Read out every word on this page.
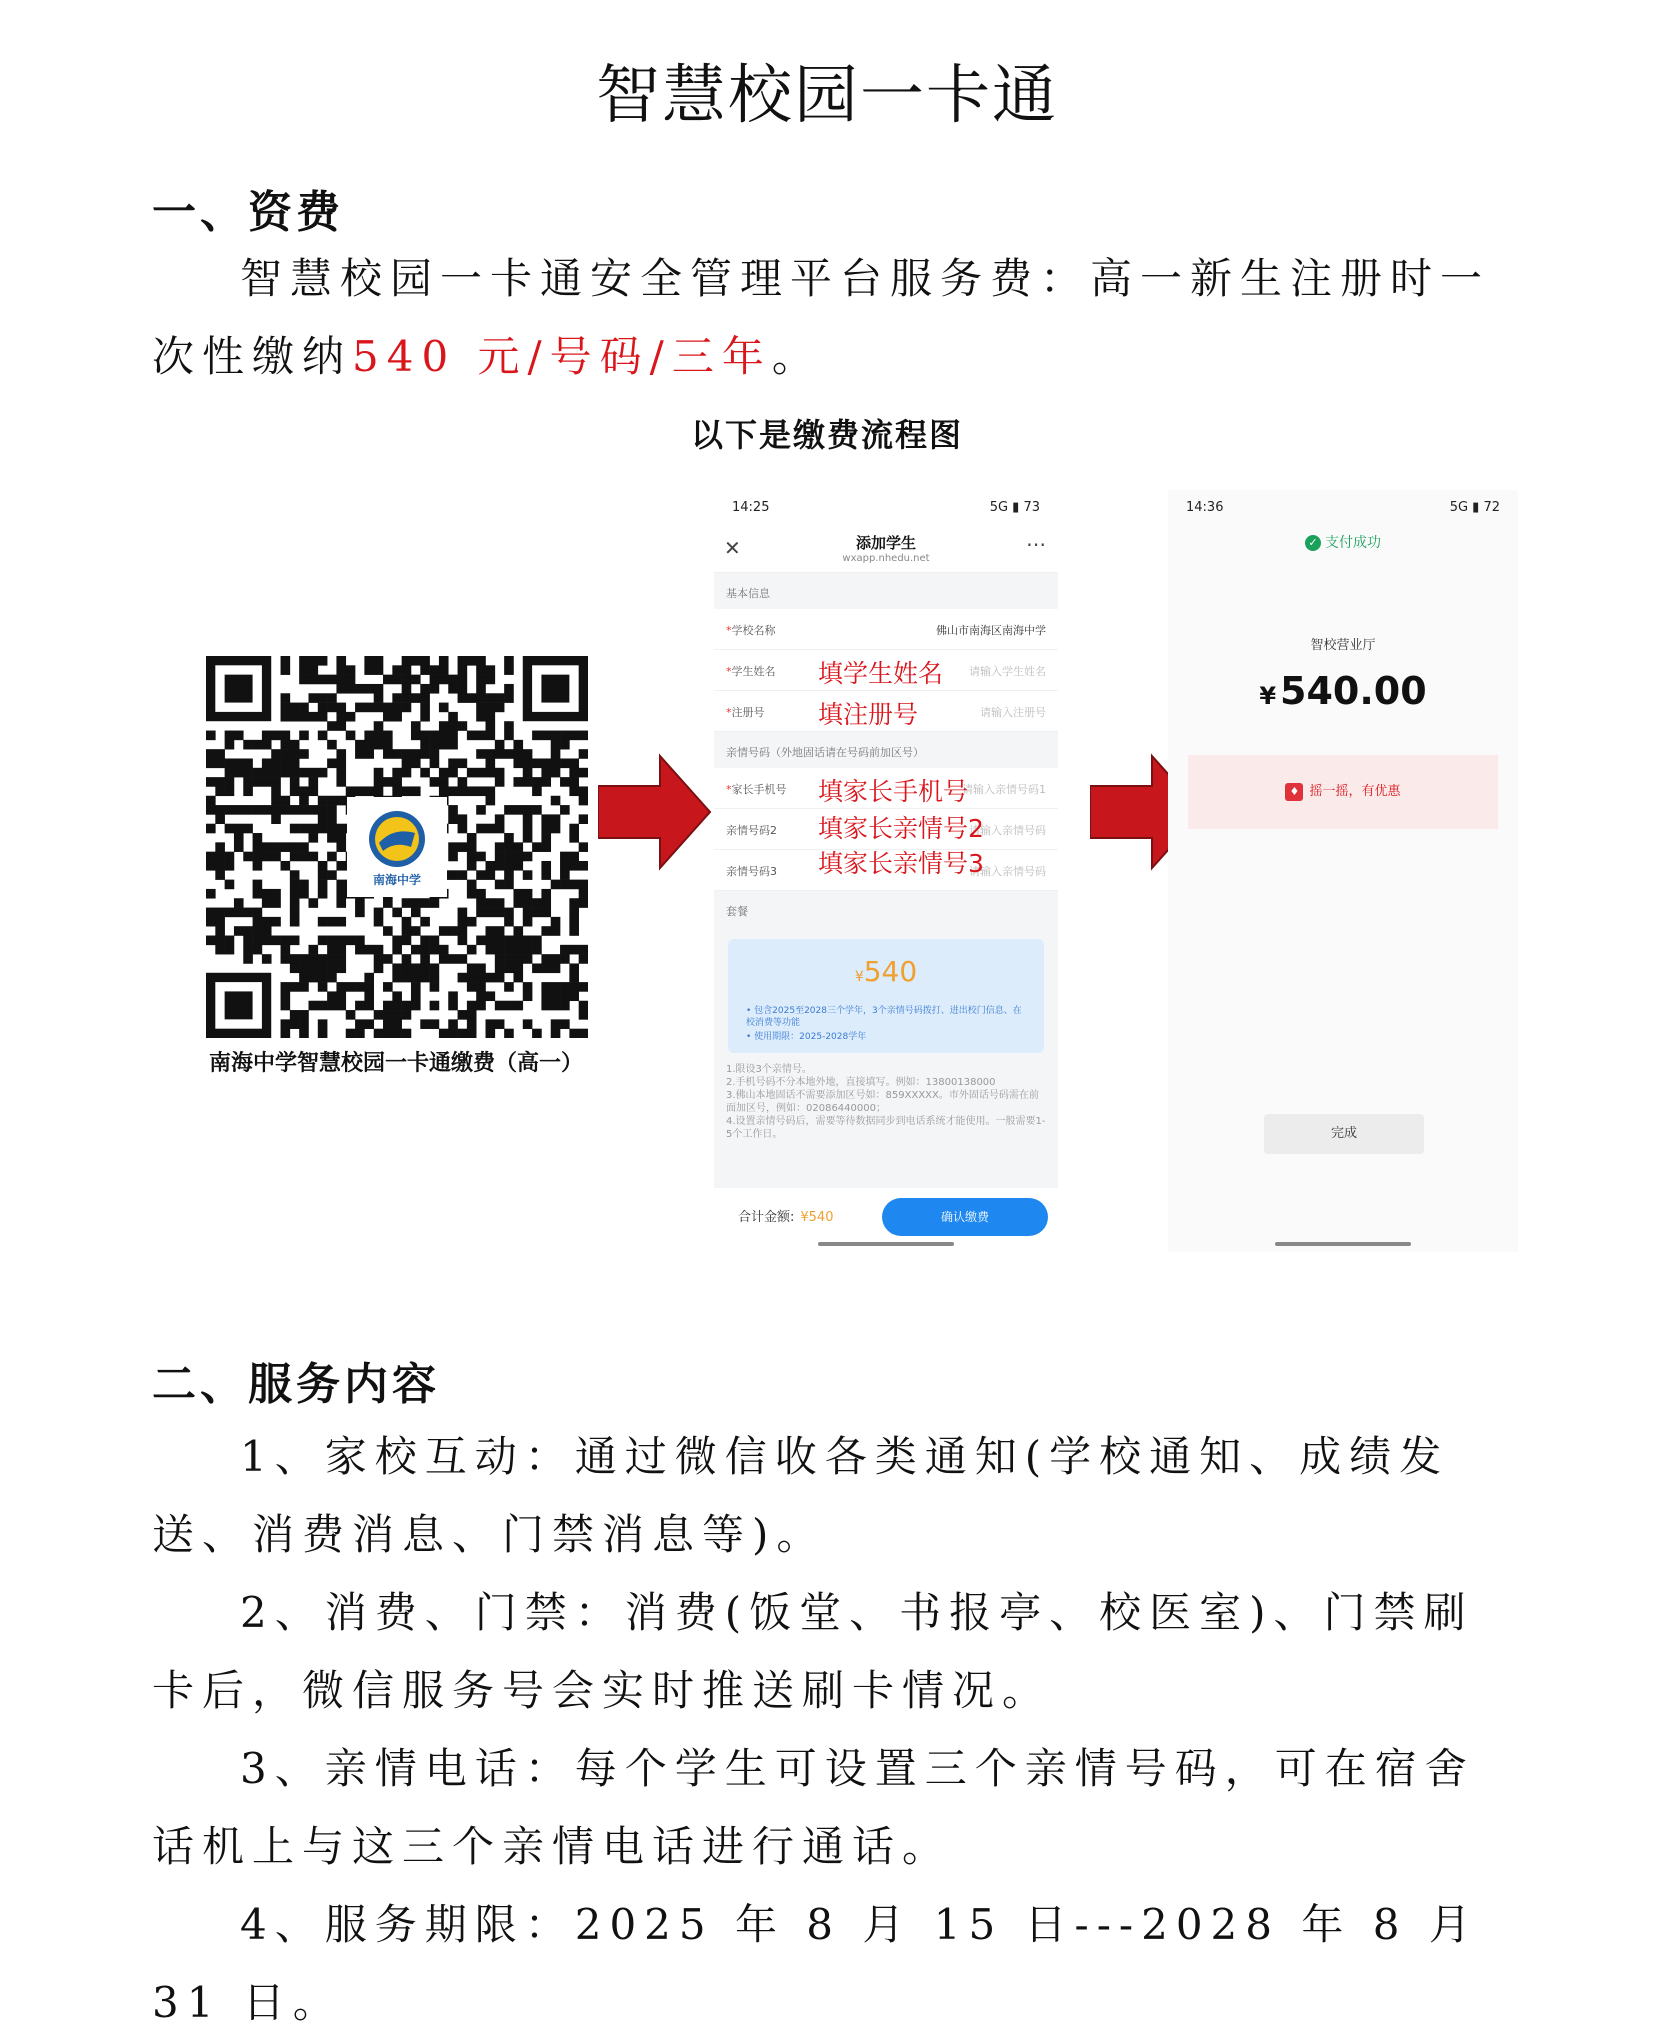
智慧校园一卡通
一、资费
智慧校园一卡通安全管理平台服务费：高一新生注册时一次性缴纳540 元/号码/三年。
以下是缴费流程图
南海中学
南海中学智慧校园一卡通缴费（高一）
14:25	5G ▮ 73
✕	添加学生
wxapp.nhedu.net
⋯
基本信息
*学校名称	佛山市南海区南海中学
*学生姓名	请输入学生姓名
填学生姓名
*注册号	请输入注册号
填注册号
亲情号码（外地固话请在号码前加区号）
*家长手机号	请输入亲情号码1
填家长手机号
亲情号码2	请输入亲情号码
填家长亲情号2
亲情号码3	请输入亲情号码
填家长亲情号3
套餐
¥540
• 包含2025至2028三个学年，3个亲情号码拨打、进出校门信息、在校消费等功能
• 使用期限：2025-2028学年
1.限设3个亲情号。
2.手机号码不分本地外地，直接填写。例如：13800138000
3.佛山本地固话不需要添加区号如：859XXXXX。市外固话号码需在前面加区号，例如：02086440000；
4.设置亲情号码后，需要等待数据同步到电话系统才能使用。一般需要1-5个工作日。
合计金额: ¥540	确认缴费
14:36	5G ▮ 72
✓ 支付成功
智校营业厅
¥ 540.00
♦ 摇一摇，有优惠
完成
二、服务内容
1、家校互动：通过微信收各类通知(学校通知、成绩发送、消费消息、门禁消息等)。
2、消费、门禁：消费(饭堂、书报亭、校医室)、门禁刷卡后，微信服务号会实时推送刷卡情况。
3、亲情电话：每个学生可设置三个亲情号码，可在宿舍话机上与这三个亲情电话进行通话。
4、服务期限：2025 年 8 月 15 日---2028 年 8 月 31 日。
